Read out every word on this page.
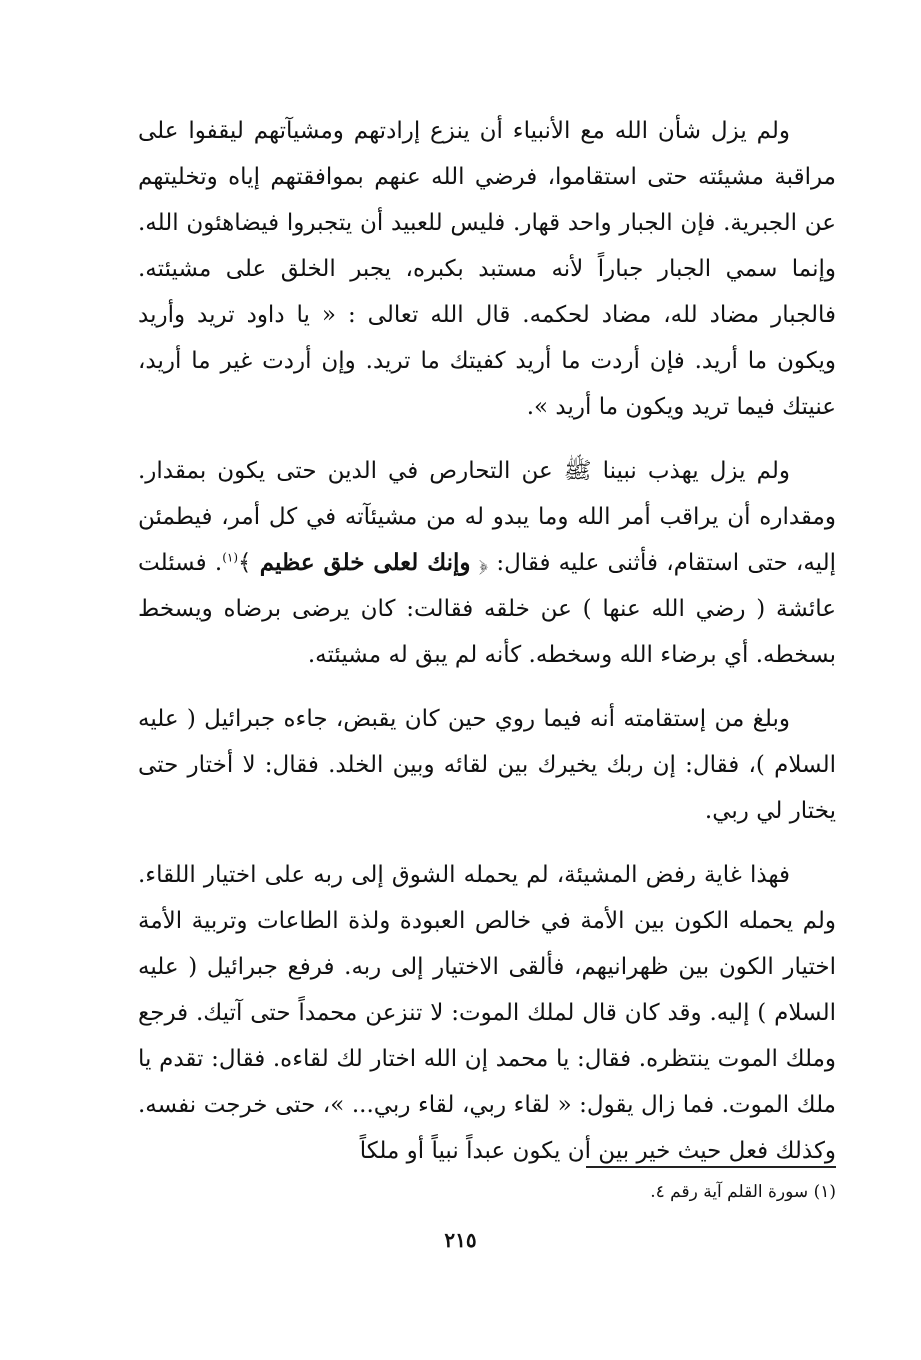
ولم يزل شأن الله مع الأنبياء أن ينزع إرادتهم ومشيآتهم ليقفوا على مراقبة مشيئته حتى استقاموا، فرضي الله عنهم بموافقتهم إياه وتخليتهم عن الجبرية. فإن الجبار واحد قهار. فليس للعبيد أن يتجبروا فيضاهئون الله. وإنما سمي الجبار جباراً لأنه مستبد بكبره، يجبر الخلق على مشيئته. فالجبار مضاد لله، مضاد لحكمه. قال الله تعالى : « يا داود تريد وأريد ويكون ما أريد. فإن أردت ما أريد كفيتك ما تريد. وإن أردت غير ما أريد، عنيتك فيما تريد ويكون ما أريد ».

ولم يزل يهذب نبينا ﷺ عن التحارص في الدين حتى يكون بمقدار. ومقداره أن يراقب أمر الله وما يبدو له من مشيئآته في كل أمر، فيطمئن إليه، حتى استقام، فأثنى عليه فقال: ﴿ وإنك لعلى خلق عظيم ﴾$^{(١)}$. فسئلت عائشة ( رضي الله عنها ) عن خلقه فقالت: كان يرضى برضاه ويسخط بسخطه. أي برضاء الله وسخطه. كأنه لم يبق له مشيئته.

وبلغ من إستقامته أنه فيما روي حين كان يقبض، جاءه جبرائيل ( عليه السلام )، فقال: إن ربك يخيرك بين لقائه وبين الخلد. فقال: لا أختار حتى يختار لي ربي.

فهذا غاية رفض المشيئة، لم يحمله الشوق إلى ربه على اختيار اللقاء. ولم يحمله الكون بين الأمة في خالص العبودة ولذة الطاعات وتربية الأمة اختيار الكون بين ظهرانيهم، فألقى الاختيار إلى ربه. فرفع جبرائيل ( عليه السلام ) إليه. وقد كان قال لملك الموت: لا تنزعن محمداً حتى آتيك. فرجع وملك الموت ينتظره. فقال: يا محمد إن الله اختار لك لقاءه. فقال: تقدم يا ملك الموت. فما زال يقول: « لقاء ربي، لقاء ربي... »، حتى خرجت نفسه. وكذلك فعل حيث خير بين أن يكون عبداً نبياً أو ملكاً

(١) سورة القلم آية رقم ٤.

٢١٥
